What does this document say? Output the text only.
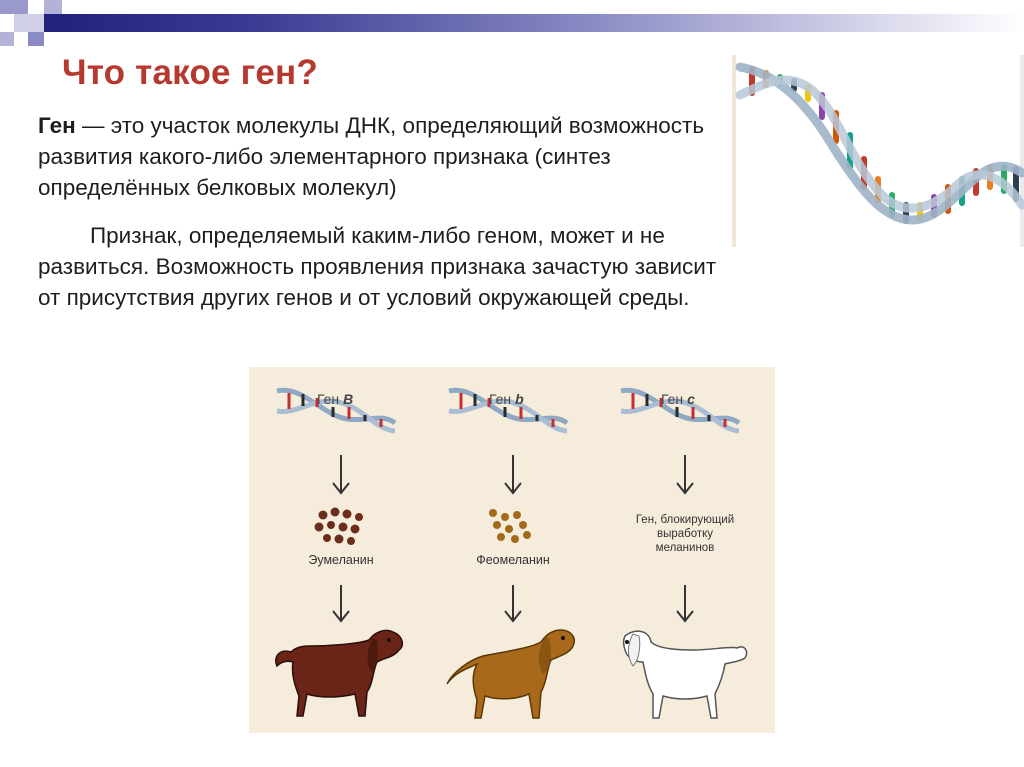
Что такое ген?

Ген — это участок молекулы ДНК, определяющий возможность развития какого-либо элементарного признака (синтез определённых белковых молекул)

Признак, определяемый каким-либо геном, может и не развиться. Возможность проявления признака зачастую зависит от присутствия других генов и от условий окружающей среды.

Ген B	Ген b	Ген c
Эумеланин	Феомеланин
Ген, блокирующий выработку меланинов
